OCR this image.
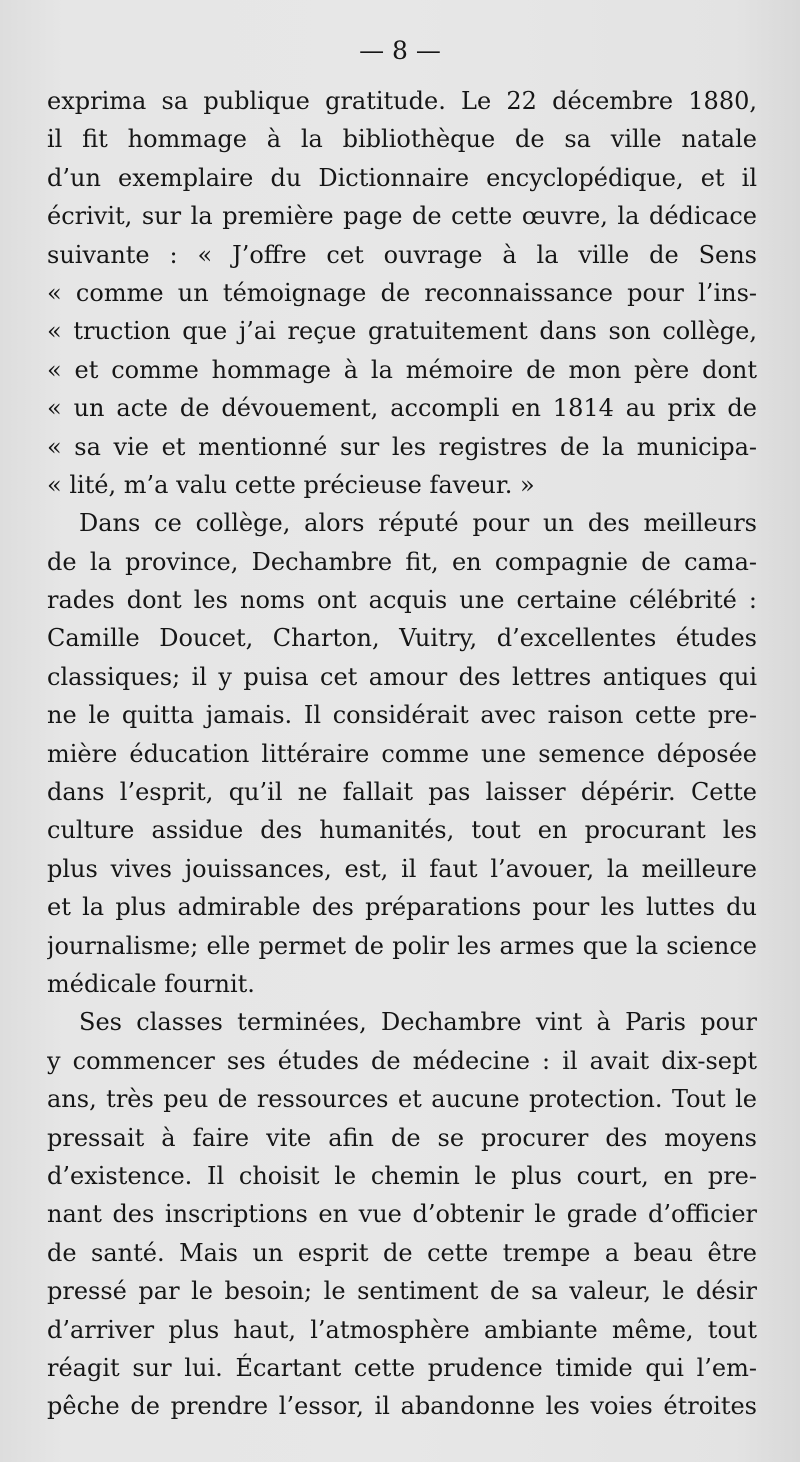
— 8 —
exprima sa publique gratitude. Le 22 décembre 1880,
il fit hommage à la bibliothèque de sa ville natale
d’un exemplaire du Dictionnaire encyclopédique, et il
écrivit, sur la première page de cette œuvre, la dédicace
suivante : « J’offre cet ouvrage à la ville de Sens
« comme un témoignage de reconnaissance pour l’ins-
« truction que j’ai reçue gratuitement dans son collège,
« et comme hommage à la mémoire de mon père dont
« un acte de dévouement, accompli en 1814 au prix de
« sa vie et mentionné sur les registres de la municipa-
« lité, m’a valu cette précieuse faveur. »
Dans ce collège, alors réputé pour un des meilleurs
de la province, Dechambre fit, en compagnie de cama-
rades dont les noms ont acquis une certaine célébrité :
Camille Doucet, Charton, Vuitry, d’excellentes études
classiques; il y puisa cet amour des lettres antiques qui
ne le quitta jamais. Il considérait avec raison cette pre-
mière éducation littéraire comme une semence déposée
dans l’esprit, qu’il ne fallait pas laisser dépérir. Cette
culture assidue des humanités, tout en procurant les
plus vives jouissances, est, il faut l’avouer, la meilleure
et la plus admirable des préparations pour les luttes du
journalisme; elle permet de polir les armes que la science
médicale fournit.
Ses classes terminées, Dechambre vint à Paris pour
y commencer ses études de médecine : il avait dix-sept
ans, très peu de ressources et aucune protection. Tout le
pressait à faire vite afin de se procurer des moyens
d’existence. Il choisit le chemin le plus court, en pre-
nant des inscriptions en vue d’obtenir le grade d’officier
de santé. Mais un esprit de cette trempe a beau être
pressé par le besoin; le sentiment de sa valeur, le désir
d’arriver plus haut, l’atmosphère ambiante même, tout
réagit sur lui. Écartant cette prudence timide qui l’em-
pêche de prendre l’essor, il abandonne les voies étroites
